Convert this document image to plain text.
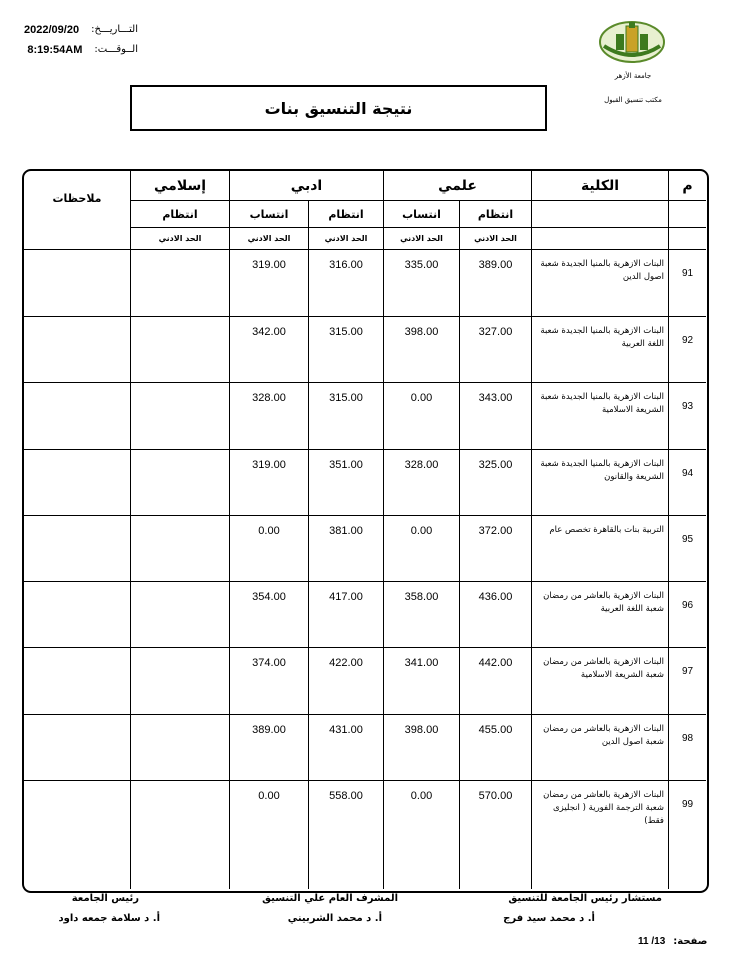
التـــاريـــخ:
2022/09/20
الــوقـــت:
8:19:54AM
جامعة الأزهر
مكتب تنسيق القبول
نتيجة التنسيق بنات
م
الكلية
علمي
ادبي
إسلامي
ملاحظات
انتظام
انتساب
انتظام
انتساب
انتظام
الحد الادني
الحد الادني
الحد الادني
الحد الادني
الحد الادني
91
البنات الازهرية بالمنيا الجديدة شعبة اصول الدين
389.00
335.00
316.00
319.00
92
البنات الازهرية بالمنيا الجديدة شعبة اللغة العربية
327.00
398.00
315.00
342.00
93
البنات الازهرية بالمنيا الجديدة شعبة الشريعة الاسلامية
343.00
0.00
315.00
328.00
94
البنات الازهرية بالمنيا الجديدة شعبة الشريعة والقانون
325.00
328.00
351.00
319.00
95
التربية بنات بالقاهرة تخصص عام
372.00
0.00
381.00
0.00
96
البنات الازهرية بالعاشر من رمضان شعبة اللغة العربية
436.00
358.00
417.00
354.00
97
البنات الازهرية بالعاشر من رمضان شعبة الشريعة الاسلامية
442.00
341.00
422.00
374.00
98
البنات الازهرية بالعاشر من رمضان شعبة اصول الدين
455.00
398.00
431.00
389.00
99
البنات الازهرية بالعاشر من رمضان شعبة الترجمة الفورية ( انجليزى فقط)
570.00
0.00
558.00
0.00
مستشار رئيس الجامعة للتنسيق
أ. د محمد سيد فرج
المشرف العام علي التنسيق
أ. د محمد الشربيني
رئيس الجامعة
أ. د سلامة جمعه داود
صفحة:
11 /13
